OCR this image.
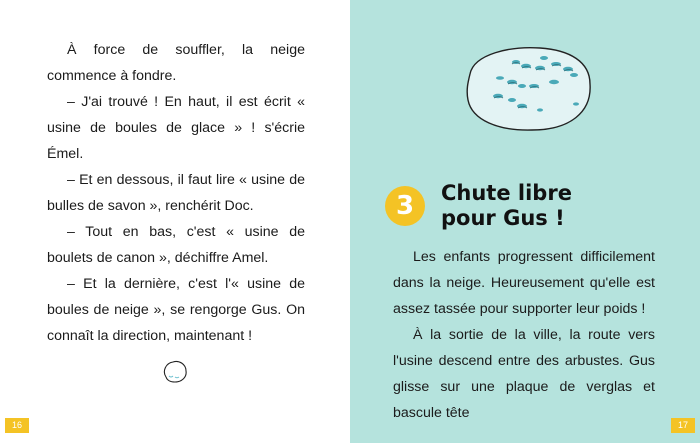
À force de souffler, la neige commence à fondre.

– J'ai trouvé ! En haut, il est écrit « usine de boules de glace » ! s'écrie Émel.

– Et en dessous, il faut lire « usine de bulles de savon », renchérit Doc.

– Tout en bas, c'est « usine de boulets de canon », déchiffre Amel.

– Et la dernière, c'est l'« usine de boules de neige », se rengorge Gus. On connaît la direction, maintenant !

16
3	Chute libre
pour Gus !

Les enfants progressent difficilement dans la neige. Heureusement qu'elle est assez tassée pour supporter leur poids !

À la sortie de la ville, la route vers l'usine descend entre des arbustes. Gus glisse sur une plaque de verglas et bascule tête

17
